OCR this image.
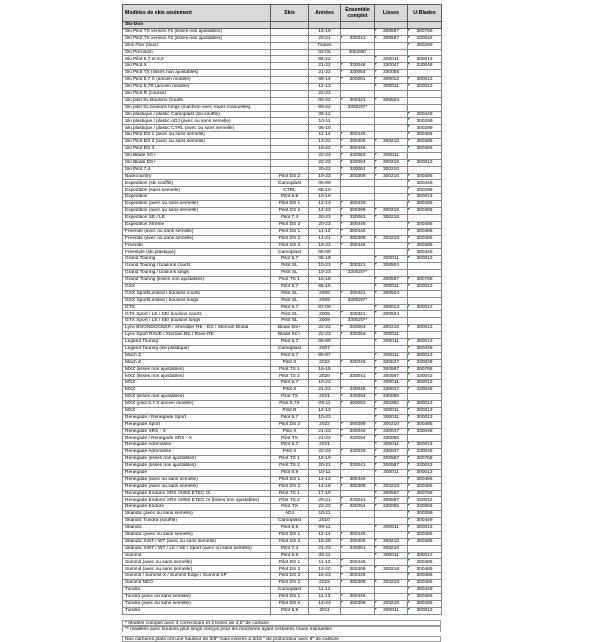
Modèles de skis seulement	Skis	Années	Ensemble complet	Lisses	U-Blades
Ski-Doo					
Ski Pilot TS version #1 (lisses non ajustables)		16-19		300597	300768
Ski Pilot TS version #2 (lisses non ajustables)		20-21	330041	300597	330042
Skis Flex (tous)		Toutes			300299
Ski Précision		02-06	300288*		
Ski Pilot 5,7 et 6,9		06-22		300011	300013
Ski Pilot X		21-22	330046	330047	330048
Ski Pilot TX (lisses non ajustables)		21-22	330054	330055	
Ski Pilot 5,7 X (ancien modèle)		08-14	300001	300012	300013
Ski Pilot 5,7R (ancien modèle)		12-13		300011	300013
Ski Pilot R (course)		22-23			
Ski pilot SL Boulons Courts		09-22	300321	300504	
Ski pilot SL boulons longs (machine avec roues manuelles)		09-22	330020**		
Ski plastique / plastic Camoplast (ski soufflé)		05-12			300449
Ski plastique / plastic ADJ (avec ou sans semelle)		10-11			300299
Ski plastique / plastic CTRL (avec ou sans semelle)		06-10			300299
Ski Pilot DS 1 (avec ou sans semelle)		11-14	300446		300485
Ski Pilot DS 2 (avec ou sans semelle)		13-22	300309	300210	300485
Ski Pilot DS 3		15-22	300446		300485
Ski Blade XC+		22-23	330063	300011	
Ski Blade DS+		22-23	330064	300210	300013
Ski Pilot 7,4		20-22	330061	300210	
Backcountry	Pilot DS 2	19-23	300309	300210	300485
Expedition (ski soufflé)	Camoplast	05-09			300449
Expedition (sans semelle)	CTRL	06-10			300299
Expedition	Pilot 6,9	10-16			300013
Expedition (avec ou sans semelle)	Pilot DS 1	12-13	300446		300485
Expedition (avec ou sans semelle)	Pilot DS 2	14-23	300309	300210	300485
Expedition SE / LE	Pilot 7,4	20-23	330061	300210	
Expedition Xtreme	Pilot DS 3	20-23	300446		300485
Freeride (avec ou sans semelle)	Pilot DS 1	11-13	300446		300485
Freeride (avec ou sans semelle)	Pilot DS 2	14-21	300309	300210	300485
Freeride	Pilot DS 3	18-23	300446		300485
Freestyle (ski plastique)	Camoplast	06-09			300449
Grand Touring	Pilot 5,7	06-10		300011	300013
Grand Touring / boulons courts	Pilot SL	10-23	300321	300504	
Grand Touring / boulons longs	Pilot SL	10-23	330020**		
Grand Touring (lisses non ajustables)	Pilot TS 1	16-18		300597	300768
GSX	Pilot 5,7	06-15		300011	300013
GSX Sport/Limited / boulons courts	Pilot SL	2009	300321	300504	
GSX Sport/Limited / boulons longs	Pilot SL	2009	330020**		
GTX	Pilot 5,7	07-09		300013	300013
GTX Sport / LE / SE/ boulons courts	Pilot SL	2009	300321	300504	
GTX Sport / LE / SE/ boulons longs	Pilot SL	2009	330020**		
Lynx BOONDOCKER / Shredder RE - DS / Xterrain Brutal	Blade DS+	22-23	330064	300210	300013
Lynx Sport RAVE / Xterrain RE / Rave RE	Blade XC+	22-23	330063	300011	
Legend Touring	Pilot 5,7	08-09		300011	300013
Legend Touring (ski plastique)	Camoplast	2007			300449
Mach Z	Pilot 5,7	06-07		300011	300013
Mach Z	Pilot X	2022	330046	330047	330048
MXZ (lisses non ajustables)	Pilot TS 1	16-19		300597	300768
MXZ (lisses non ajustables)	Pilot TS 2	2020	330041	300597	330042
MXZ	Pilot 5,7	10-23		300011	300013
MXZ	Pilot X	21-23	330046	330047	330048
MXZ (lisses non ajustables)	Pilot TX	2021	330054	330055	
MXZ (pilot 5,7 X ancien modèle)	Pilot 5,7X	09-11	300003	300382	300013
MXZ	Pilot R	12-13		300011	300013
Renegade / Renegade Sport	Pilot 5,7	10-23		300011	300013
Renegade Sport	Pilot DS 2	2022	300309	300210	300485
Renegade XRS - X	Pilot X	21-23	330046	330047	330048
Renegade / Renegade XRS - X	Pilot TX	21-23	330054	330055	
Renegade Adrenaline	Pilot 5,7	2021		300011	300013
Renegade Adrenaline	Pilot X	22-23	330046	330047	330048
Renegade (lisses non ajustables)	Pilot TS 1	18-19		300597	300768
Renegade (lisses non ajustables)	Pilot TS 2	20-21	330041	300597	330042
Renegade	Pilot 6,9	10-11		300011	300013
Renegade (avec ou sans semelle)	Pilot DS 1	12-13	300446		300485
Renegade (avec ou sans semelle)	Pilot DS 2	14-18	300309	300210	300485
Renegade Enduro/ XRS /X850 ETEC /X	Pilot TS 1	17-19		300597	300768
Renegade Enduro/ XRS /X850 ETEC /X (lisses non ajustables)	Pilot TS 2	20-21	330041	300597	330042
Renegade Enduro	Pilot TX	22-23	330054	330055	330056
Skandic (avec ou sans semelle)	ADJ	10-11			300299
Skandic Tundra (soufflé)	Camoplast	2010			300449
Skandic	Pilot 6,9	09-11		300011	300013
Skandic (avec ou sans semelle)	Pilot DS 1	12-14	300446		300485
Skandic SWT / WT (avec ou sans semelle)	Pilot DS 2	15-20	300309	300210	300485
Skandic SWT / WT / LE / SE / Sport (avec ou sans semelle)	Pilot 7,4	21-23	330061	300210	
Summit	Pilot 6,9	06-11		300011	300013
Summit (avec ou sans semelle)	Pilot DS 1	11-13	300446		300485
Summit (avec ou sans semelle)	Pilot DS 2	13-20	300309	300210	300485
Summit / Summit X / Summit Edge / Summit SP	Pilot DS 3	15-23	300446		300485
Summit NEO	Pilot DS 2	2023	300309	300210	300485
Tundra	Camoplast	11-12			300449
Tundra (avec ou sans semelle)	Pilot DS 1	11-13	300446		300485
Tundra (avec ou sans semelle)	Pilot DS 2	14-23	300309	300210	300485
Tundra	Pilot 6,9	2011		300011	300013
* Modèle complet avec 4 correcteurs et 4 lisses de 4,5" de carbure
** modèles avec boulons plus longs conçus pour les machines ayant certaines roues manuelles
Nos carbures plats ont une hauteur de 3/8" mais insérés à 5/16 " de profondeur avec 6" de carbure
